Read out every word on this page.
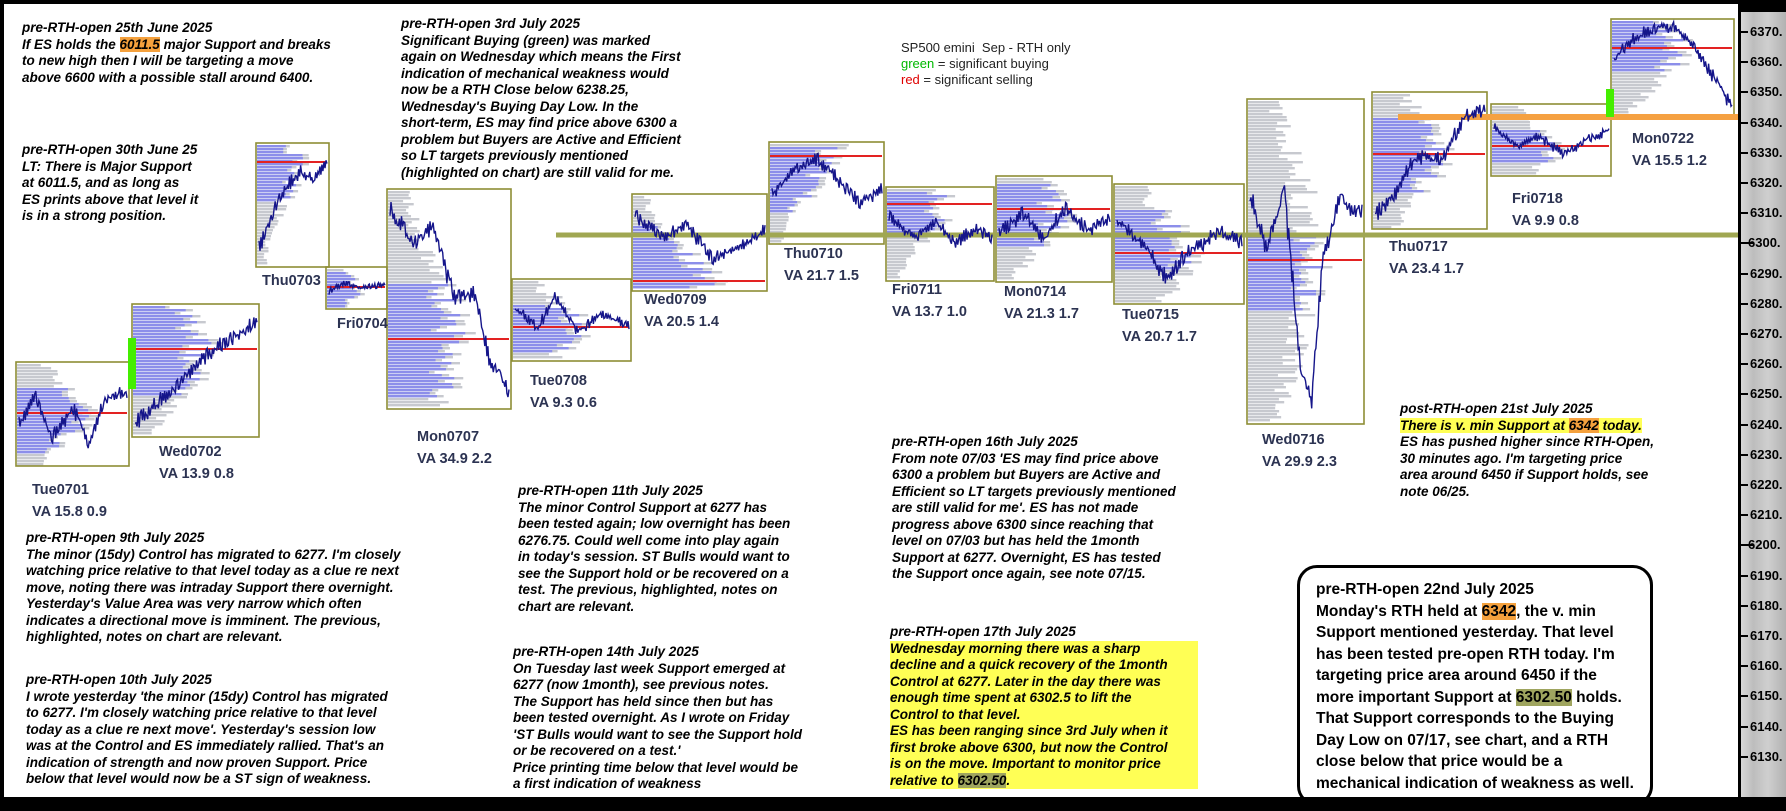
Tue0701
VA 15.8 0.9
Wed0702
VA 13.9 0.8
Thu0703
Fri0704
Mon0707
VA 34.9 2.2
Tue0708
VA 9.3 0.6
Wed0709
VA 20.5 1.4
Thu0710
VA 21.7 1.5
Fri0711
VA 13.7 1.0
Mon0714
VA 21.3 1.7	Tue0715
VA 20.7 1.7
Wed0716
VA 29.9 2.3
Thu0717
VA 23.4 1.7
Fri0718
VA 9.9 0.8
Mon0722
VA 15.5 1.2
pre-RTH-open 25th June 2025
If ES holds the 6011.5 major Support and breaks
to new high then I will be targeting a move
above 6600 with a possible stall around 6400.
pre-RTH-open 30th June 25
LT: There is Major Support
at 6011.5, and as long as
ES prints above that level it
is in a strong position.
pre-RTH-open 3rd July 2025
Significant Buying (green) was marked
again on Wednesday which means the First
indication of mechanical weakness would
now be a RTH Close below 6238.25,
Wednesday's Buying Day Low. In the
short-term, ES may find price above 6300 a
problem but Buyers are Active and Efficient
so LT targets previously mentioned
(highlighted on chart) are still valid for me.
pre-RTH-open 9th July 2025
The minor (15dy) Control has migrated to 6277. I'm closely
watching price relative to that level today as a clue re next
move, noting there was intraday Support there overnight.
Yesterday's Value Area was very narrow which often
indicates a directional move is imminent. The previous,
highlighted, notes on chart are relevant.
pre-RTH-open 10th July 2025
I wrote yesterday 'the minor (15dy) Control has migrated
to 6277. I'm closely watching price relative to that level
today as a clue re next move'. Yesterday's session low
was at the Control and ES immediately rallied. That's an
indication of strength and now proven Support. Price
below that level would now be a ST sign of weakness.
pre-RTH-open 11th July 2025
The minor Control Support at 6277 has
been tested again; low overnight has been
6276.75. Could well come into play again
in today's session. ST Bulls would want to
see the Support hold or be recovered on a
test. The previous, highlighted, notes on
chart are relevant.
pre-RTH-open 14th July 2025
On Tuesday last week Support emerged at
6277 (now 1month), see previous notes.
The Support has held since then but has
been tested overnight. As I wrote on Friday
'ST Bulls would want to see the Support hold
or be recovered on a test.'
Price printing time below that level would be
a first indication of weakness
pre-RTH-open 16th July 2025
From note 07/03 'ES may find price above
6300 a problem but Buyers are Active and
Efficient so LT targets previously mentioned
are still valid for me'. ES has not made
progress above 6300 since reaching that
level on 07/03 but has held the 1month
Support at 6277. Overnight, ES has tested
the Support once again, see note 07/15.
pre-RTH-open 17th July 2025
Wednesday morning there was a sharp
decline and a quick recovery of the 1month
Control at 6277. Later in the day there was
enough time spent at 6302.5 to lift the
Control to that level.
ES has been ranging since 3rd July when it
first broke above 6300, but now the Control
is on the move. Important to monitor price
relative to 6302.50.
post-RTH-open 21st July 2025
There is v. min Support at 6342 today.
ES has pushed higher since RTH-Open,
30 minutes ago. I'm targeting price
area around 6450 if Support holds, see
note 06/25.
pre-RTH-open 22nd July 2025
Monday's RTH held at 6342, the v. min
Support mentioned yesterday. That level
has been tested pre-open RTH today. I'm
targeting price area around 6450 if the
more important Support at 6302.50 holds.
That Support corresponds to the Buying
Day Low on 07/17, see chart, and a RTH
close below that price would be a
mechanical indication of weakness as well.
SP500 emini  Sep - RTH only
green = significant buying
red = significant selling
6370.
6360.
6350.
6340.
6330.
6320.
6310.
6300.
6290.
6280.
6270.
6260.
6250.
6240.
6230.
6220.
6210.
6200.
6190.
6180.
6170.
6160.
6150.
6140.
6130.
